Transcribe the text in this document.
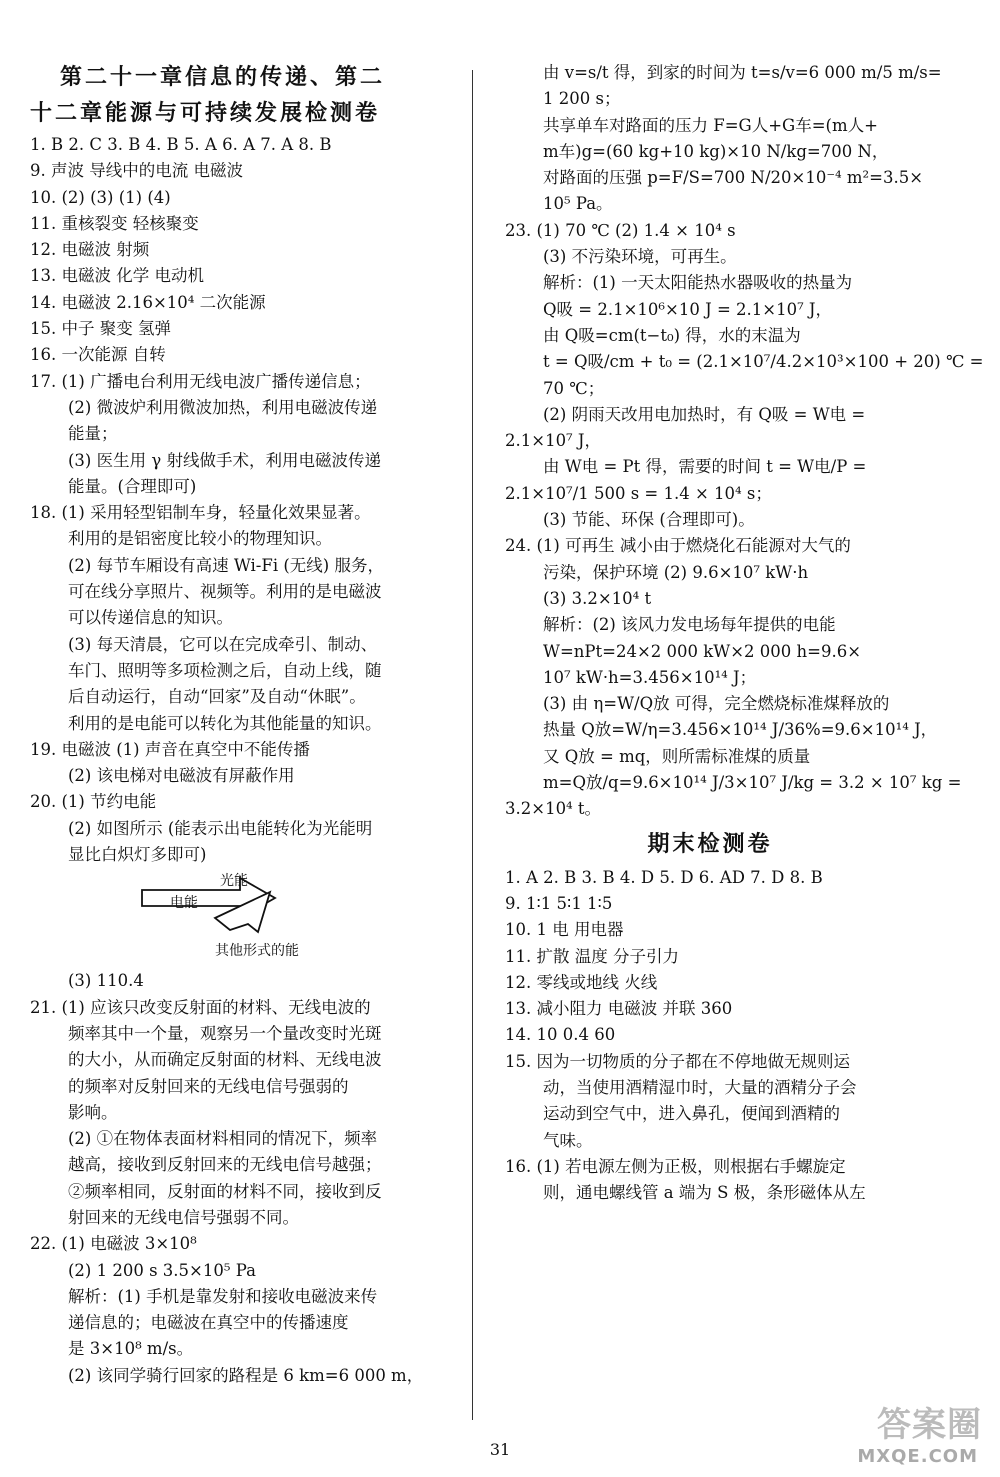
第二十一章信息的传递、第二

十二章能源与可持续发展检测卷

1. B 2. C 3. B 4. B 5. A 6. A 7. A 8. B

9. 声波 导线中的电流 电磁波

10. (2) (3) (1) (4)

11. 重核裂变 轻核聚变

12. 电磁波 射频

13. 电磁波 化学 电动机

14. 电磁波 2.16×10⁴ 二次能源

15. 中子 聚变 氢弹

16. 一次能源 自转

17. (1) 广播电台利用无线电波广播传递信息；

(2) 微波炉利用微波加热，利用电磁波传递

能量；

(3) 医生用 γ 射线做手术，利用电磁波传递

能量。(合理即可)

18. (1) 采用轻型铝制车身，轻量化效果显著。

利用的是铝密度比较小的物理知识。

(2) 每节车厢设有高速 Wi-Fi (无线) 服务，

可在线分享照片、视频等。利用的是电磁波

可以传递信息的知识。

(3) 每天清晨，它可以在完成牵引、制动、

车门、照明等多项检测之后，自动上线，随

后自动运行，自动“回家”及自动“休眠”。

利用的是电能可以转化为其他能量的知识。

19. 电磁波 (1) 声音在真空中不能传播

(2) 该电梯对电磁波有屏蔽作用

20. (1) 节约电能

(2) 如图所示 (能表示出电能转化为光能明

显比白炽灯多即可)

光能
电能
其他形式的能

(3) 110.4

21. (1) 应该只改变反射面的材料、无线电波的

频率其中一个量，观察另一个量改变时光斑

的大小，从而确定反射面的材料、无线电波

的频率对反射回来的无线电信号强弱的

影响。

(2) ①在物体表面材料相同的情况下，频率

越高，接收到反射回来的无线电信号越强；

②频率相同，反射面的材料不同，接收到反

射回来的无线电信号强弱不同。

22. (1) 电磁波 3×10⁸

(2) 1 200 s 3.5×10⁵ Pa

解析：(1) 手机是靠发射和接收电磁波来传

递信息的；电磁波在真空中的传播速度

是 3×10⁸ m/s。

(2) 该同学骑行回家的路程是 6 km=6 000 m，

由 v=s/t 得，到家的时间为 t=s/v=6 000 m/5 m/s=

1 200 s；

共享单车对路面的压力 F=G人+G车=(m人+

m车)g=(60 kg+10 kg)×10 N/kg=700 N，

对路面的压强 p=F/S=700 N/20×10⁻⁴ m²=3.5×

10⁵ Pa。

23. (1) 70 ℃ (2) 1.4 × 10⁴ s

(3) 不污染环境，可再生。

解析：(1) 一天太阳能热水器吸收的热量为

Q吸 = 2.1×10⁶×10 J = 2.1×10⁷ J，

由 Q吸=cm(t−t₀) 得，水的末温为

t = Q吸/cm + t₀ = (2.1×10⁷/4.2×10³×100 + 20) ℃ =

70 ℃；

(2) 阴雨天改用电加热时，有 Q吸 = W电 =

2.1×10⁷ J，

由 W电 = Pt 得，需要的时间 t = W电/P =

2.1×10⁷/1 500 s = 1.4 × 10⁴ s；

(3) 节能、环保 (合理即可)。

24. (1) 可再生 减小由于燃烧化石能源对大气的

污染，保护环境 (2) 9.6×10⁷ kW·h

(3) 3.2×10⁴ t

解析：(2) 该风力发电场每年提供的电能

W=nPt=24×2 000 kW×2 000 h=9.6×

10⁷ kW·h=3.456×10¹⁴ J；

(3) 由 η=W/Q放 可得，完全燃烧标准煤释放的

热量 Q放=W/η=3.456×10¹⁴ J/36%=9.6×10¹⁴ J，

又 Q放 = mq，则所需标准煤的质量

m=Q放/q=9.6×10¹⁴ J/3×10⁷ J/kg = 3.2 × 10⁷ kg =

3.2×10⁴ t。

期末检测卷

1. A 2. B 3. B 4. D 5. D 6. AD 7. D 8. B

9. 1∶1 5∶1 1∶5

10. 1 电 用电器

11. 扩散 温度 分子引力

12. 零线或地线 火线

13. 减小阻力 电磁波 并联 360

14. 10 0.4 60

15. 因为一切物质的分子都在不停地做无规则运

动，当使用酒精湿巾时，大量的酒精分子会

运动到空气中，进入鼻孔，便闻到酒精的

气味。

16. (1) 若电源左侧为正极，则根据右手螺旋定

则，通电螺线管 a 端为 S 极，条形磁体从左

31
答案圈
MXQE.COM
